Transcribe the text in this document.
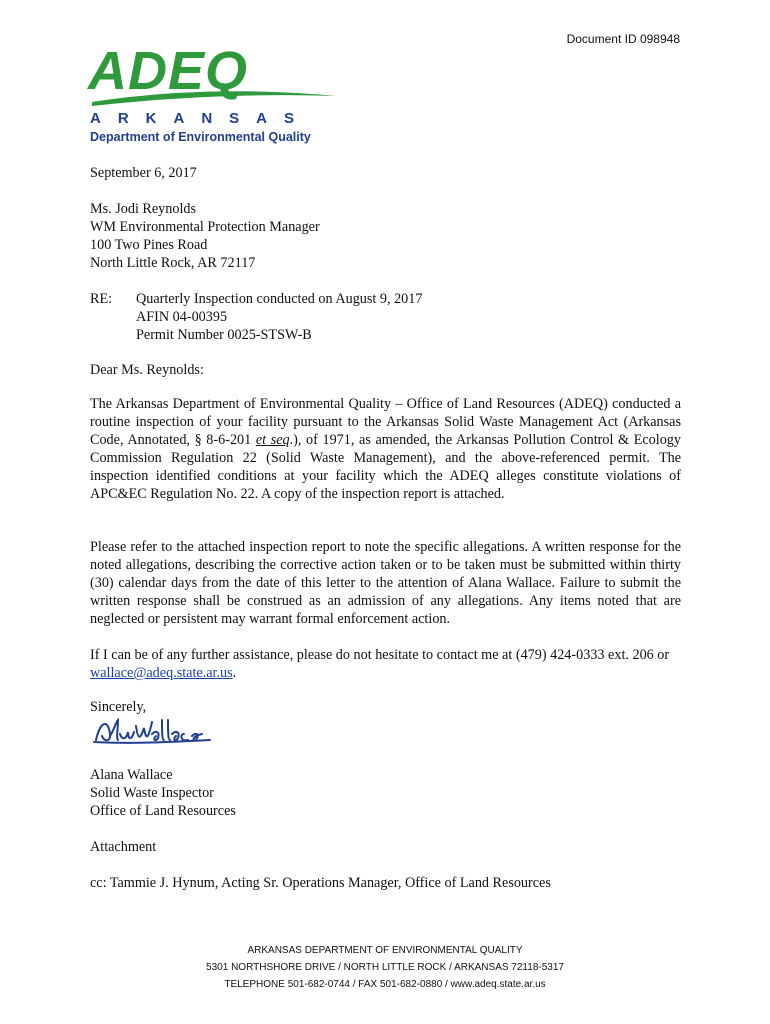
Document ID 098948
ADEQ
ARKANSAS
Department of Environmental Quality
September 6, 2017
Ms. Jodi Reynolds
WM Environmental Protection Manager
100 Two Pines Road
North Little Rock, AR 72117
RE:	Quarterly Inspection conducted on August 9, 2017
AFIN 04-00395
Permit Number 0025-STSW-B
Dear Ms. Reynolds:
The Arkansas Department of Environmental Quality – Office of Land Resources (ADEQ) conducted a routine inspection of your facility pursuant to the Arkansas Solid Waste Management Act (Arkansas Code, Annotated, § 8-6-201 et seq.), of 1971, as amended, the Arkansas Pollution Control & Ecology Commission Regulation 22 (Solid Waste Management), and the above-referenced permit. The inspection identified conditions at your facility which the ADEQ alleges constitute violations of APC&EC Regulation No. 22. A copy of the inspection report is attached.
Please refer to the attached inspection report to note the specific allegations. A written response for the noted allegations, describing the corrective action taken or to be taken must be submitted within thirty (30) calendar days from the date of this letter to the attention of Alana Wallace. Failure to submit the written response shall be construed as an admission of any allegations. Any items noted that are neglected or persistent may warrant formal enforcement action.
If I can be of any further assistance, please do not hesitate to contact me at (479) 424-0333 ext. 206 or wallace@adeq.state.ar.us.
Sincerely,
Alana Wallace
Solid Waste Inspector
Office of Land Resources
Attachment
cc: Tammie J. Hynum, Acting Sr. Operations Manager, Office of Land Resources
ARKANSAS DEPARTMENT OF ENVIRONMENTAL QUALITY
5301 NORTHSHORE DRIVE / NORTH LITTLE ROCK / ARKANSAS 72118-5317
TELEPHONE 501-682-0744 / FAX 501-682-0880 / www.adeq.state.ar.us
